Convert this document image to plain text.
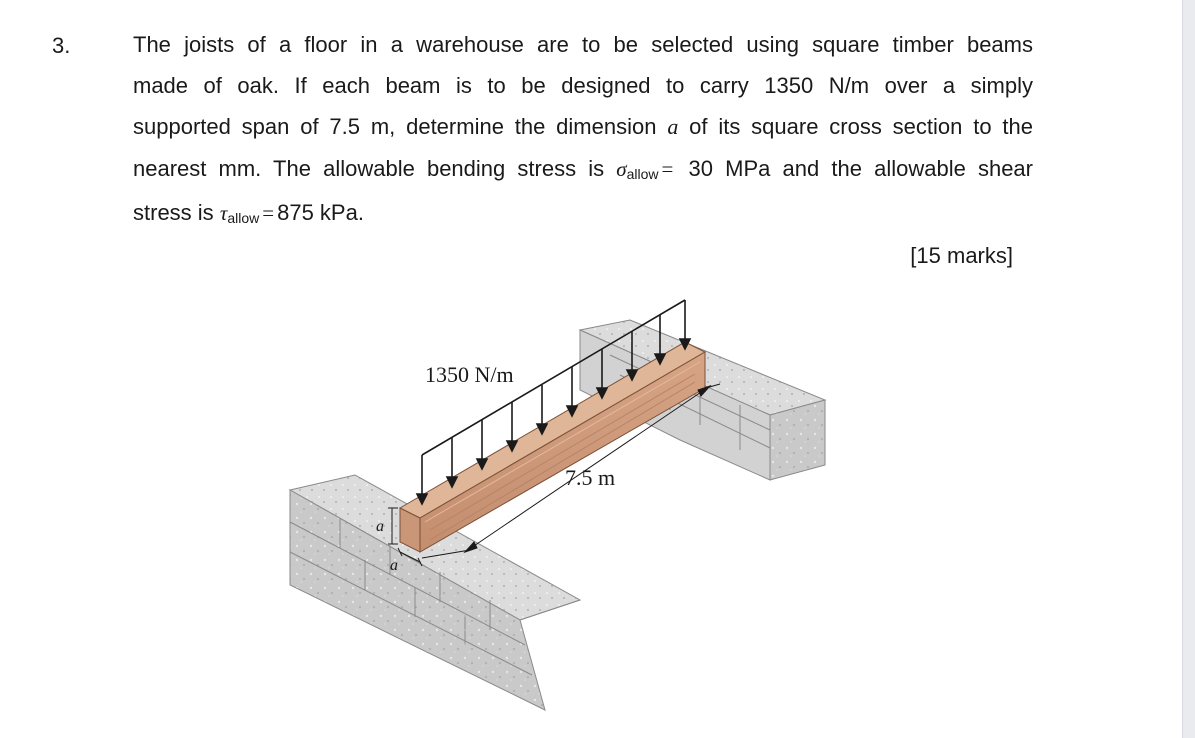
3.	The joists of a floor in a warehouse are to be selected using square timber beams
made of oak. If each beam is to be designed to carry 1350 N/m over a simply
supported span of 7.5 m, determine the dimension a of its square cross section to the
nearest mm. The allowable bending stress is $\sigma_{allow} = 30$ MPa and the allowable shear
stress is $\tau_{allow} = 875$ kPa.
[15 marks]
1350 N/m
7.5 m
a
a
